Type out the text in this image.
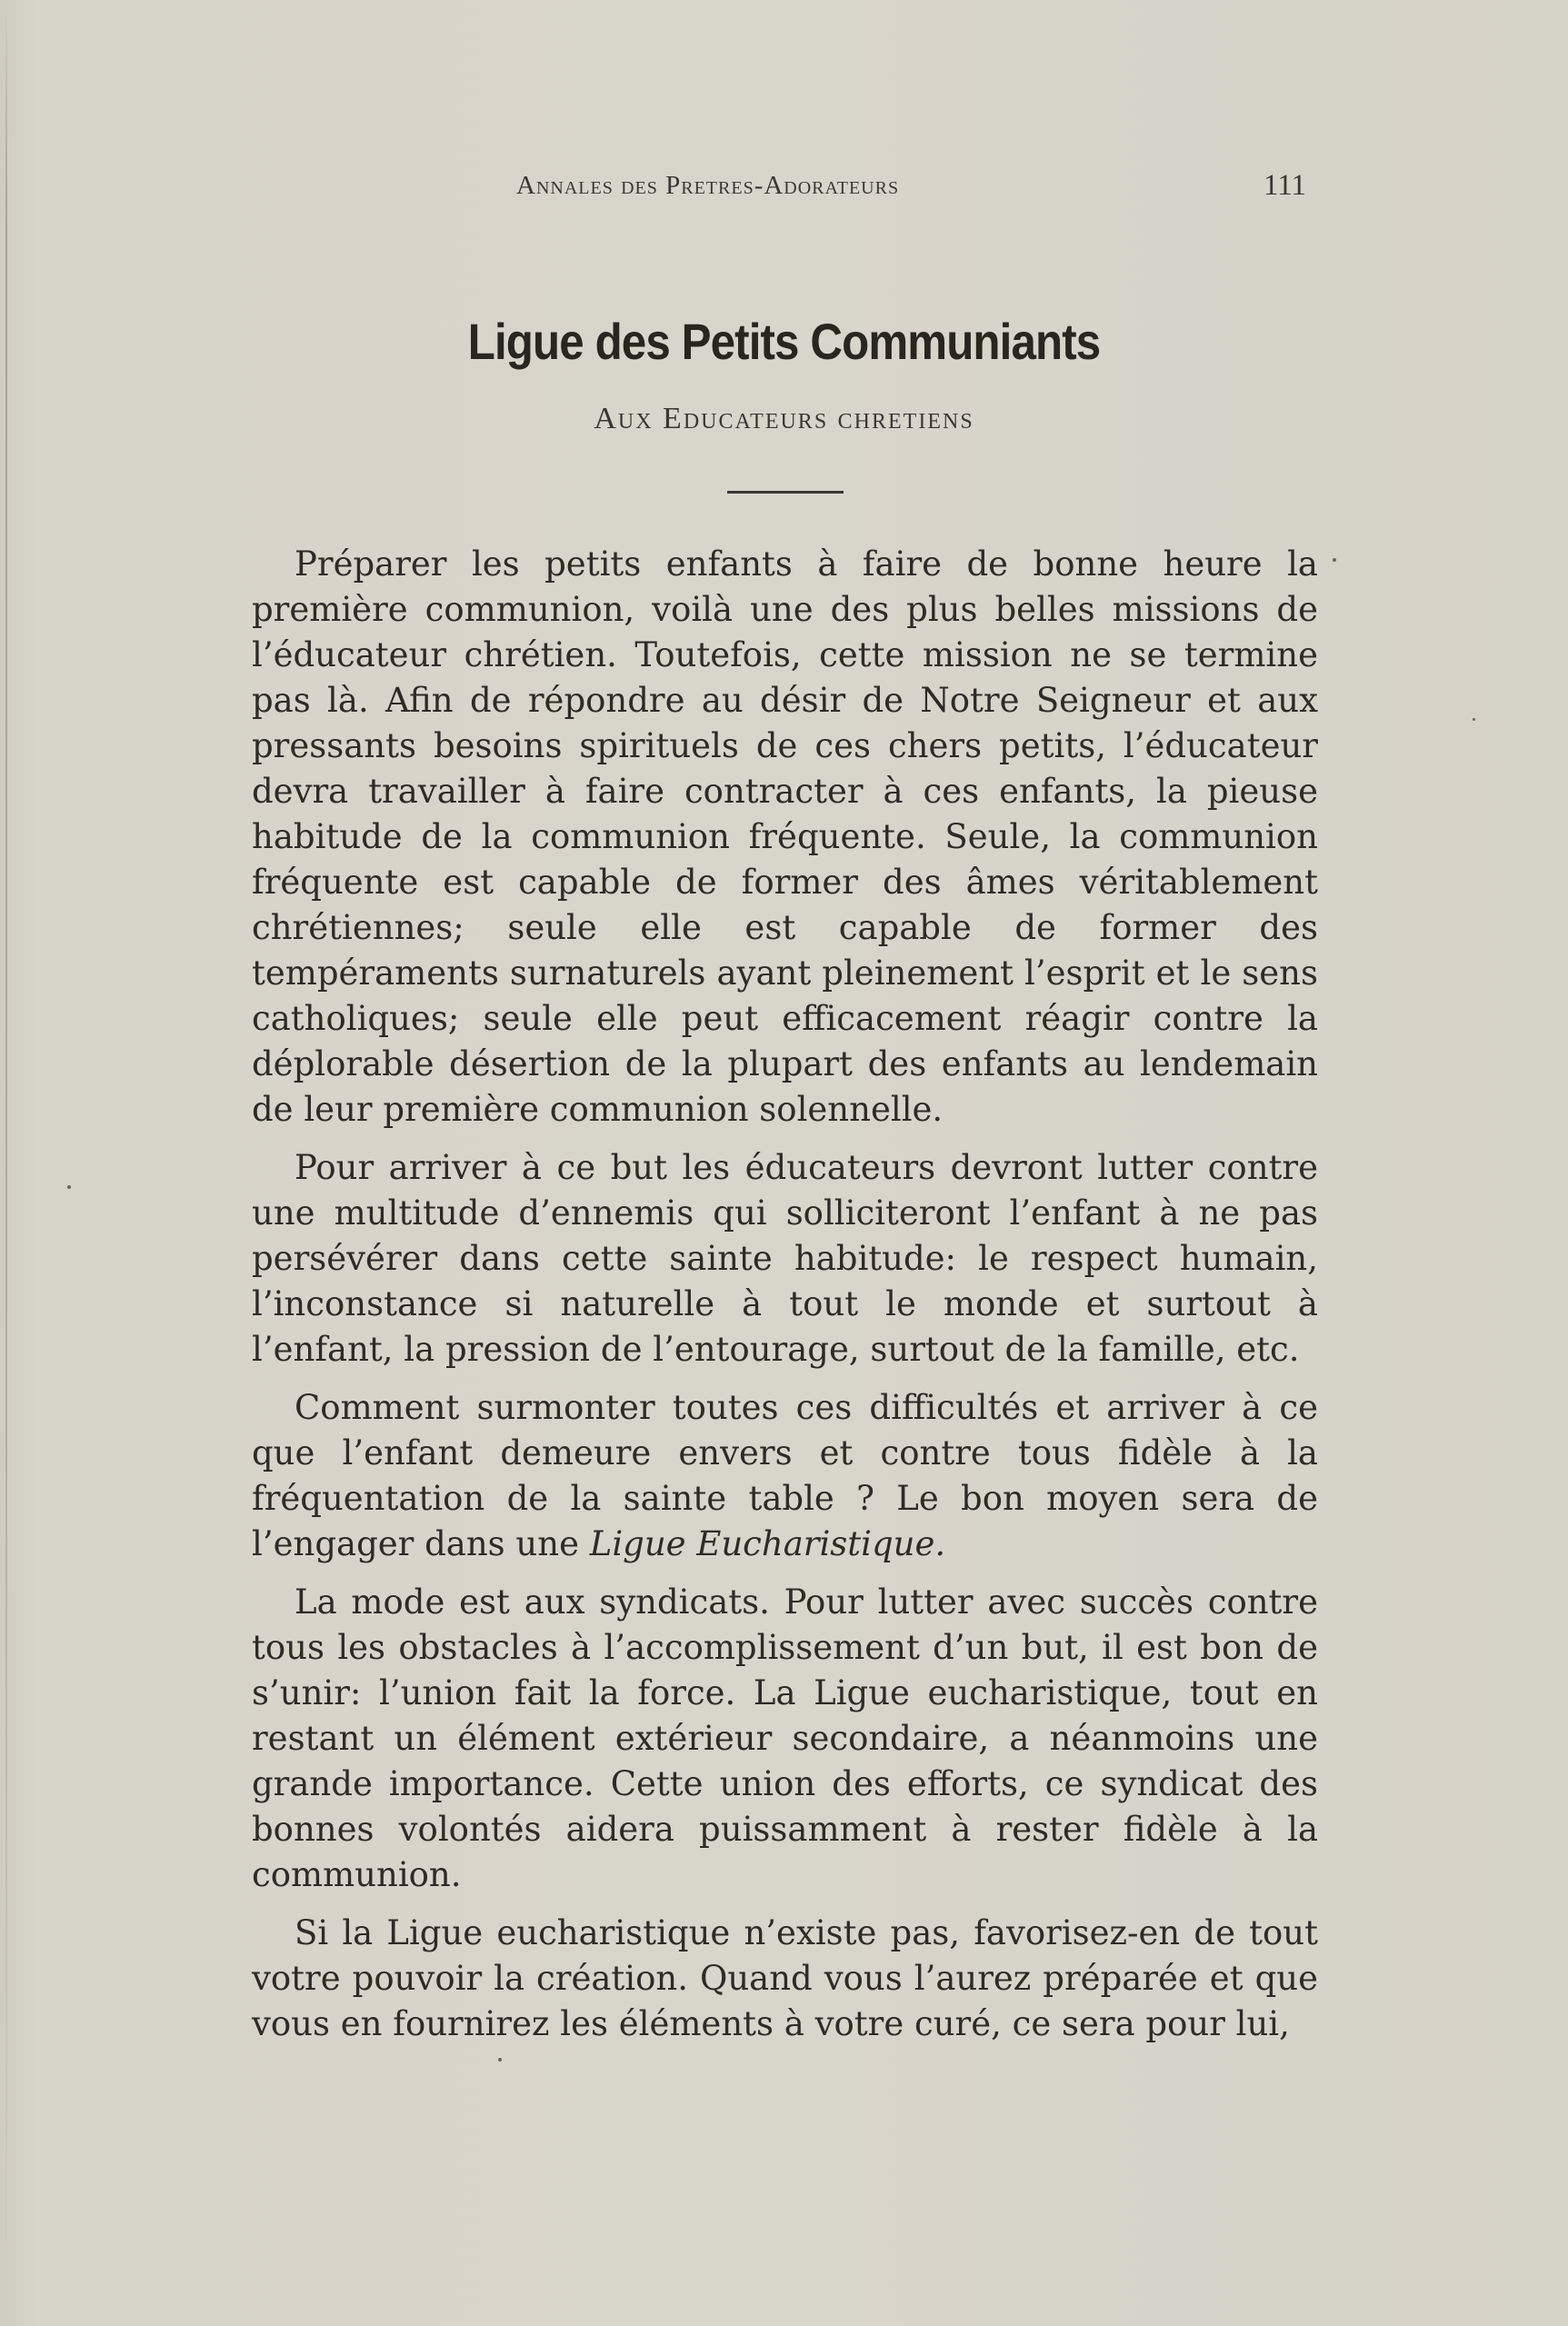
Annales des Pretres-Adorateurs	111
Ligue des Petits Communiants
Aux Educateurs chretiens

Préparer les petits enfants à faire de bonne heure la première communion, voilà une des plus belles missions de l’éducateur chrétien. Toutefois, cette mission ne se termine pas là. Afin de répondre au désir de Notre Seigneur et aux pressants besoins spirituels de ces chers petits, l’éducateur devra travailler à faire contracter à ces enfants, la pieuse habitude de la communion fréquente. Seule, la communion fréquente est capable de former des âmes véritablement chrétiennes; seule elle est capable de former des tempéraments surnaturels ayant pleinement l’esprit et le sens catholiques; seule elle peut efficacement réagir contre la déplorable désertion de la plupart des enfants au lendemain de leur première communion solennelle.

Pour arriver à ce but les éducateurs devront lutter contre une multitude d’ennemis qui solliciteront l’enfant à ne pas persévérer dans cette sainte habitude: le respect humain, l’inconstance si naturelle à tout le monde et surtout à l’enfant, la pression de l’entourage, surtout de la famille, etc.

Comment surmonter toutes ces difficultés et arriver à ce que l’enfant demeure envers et contre tous fidèle à la fréquentation de la sainte table ? Le bon moyen sera de l’engager dans une Ligue Eucharistique.

La mode est aux syndicats. Pour lutter avec succès contre tous les obstacles à l’accomplissement d’un but, il est bon de s’unir: l’union fait la force. La Ligue eucharistique, tout en restant un élément extérieur secondaire, a néanmoins une grande importance. Cette union des efforts, ce syndicat des bonnes volontés aidera puissamment à rester fidèle à la communion.

Si la Ligue eucharistique n’existe pas, favorisez-en de tout votre pouvoir la création. Quand vous l’aurez préparée et que vous en fournirez les éléments à votre curé, ce sera pour lui,
